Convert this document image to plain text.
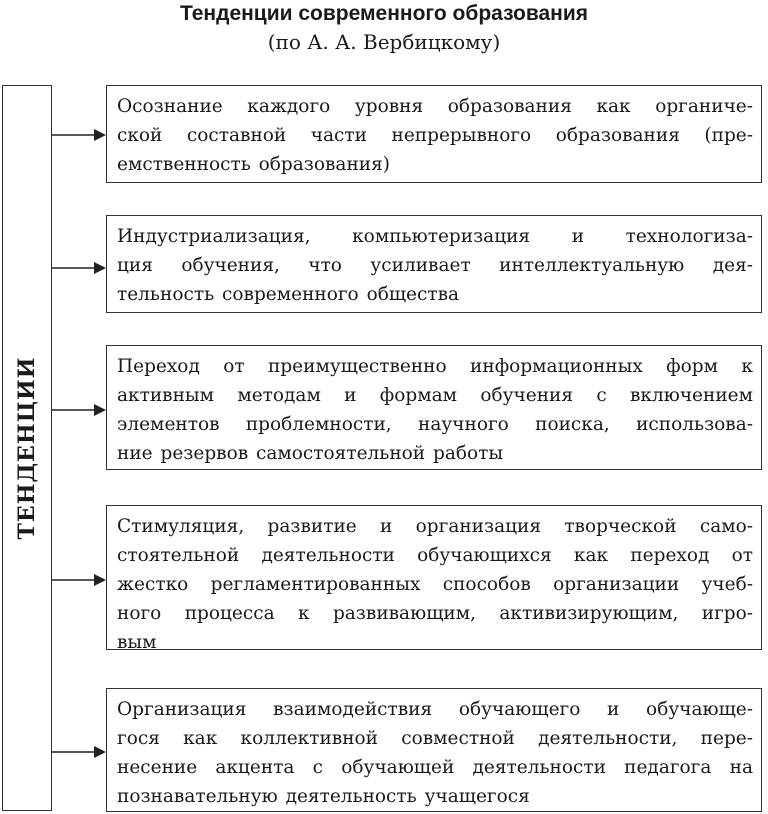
Тенденции современного образования
(по А. А. Вербицкому)
ТЕНДЕНЦИИ
Осознание каждого уровня образования как органиче-
ской составной части непрерывного образования (пре-
емственность образования)
Индустриализация, компьютеризация и технологиза-
ция обучения, что усиливает интеллектуальную дея-
тельность современного общества
Переход от преимущественно информационных форм к
активным методам и формам обучения с включением
элементов проблемности, научного поиска, использова-
ние резервов самостоятельной работы
Стимуляция, развитие и организация творческой само-
стоятельной деятельности обучающихся как переход от
жестко регламентированных способов организации учеб-
ного процесса к развивающим, активизирующим, игро-
вым
Организация взаимодействия обучающего и обучающе-
гося как коллективной совместной деятельности, пере-
несение акцента с обучающей деятельности педагога на
познавательную деятельность учащегося
